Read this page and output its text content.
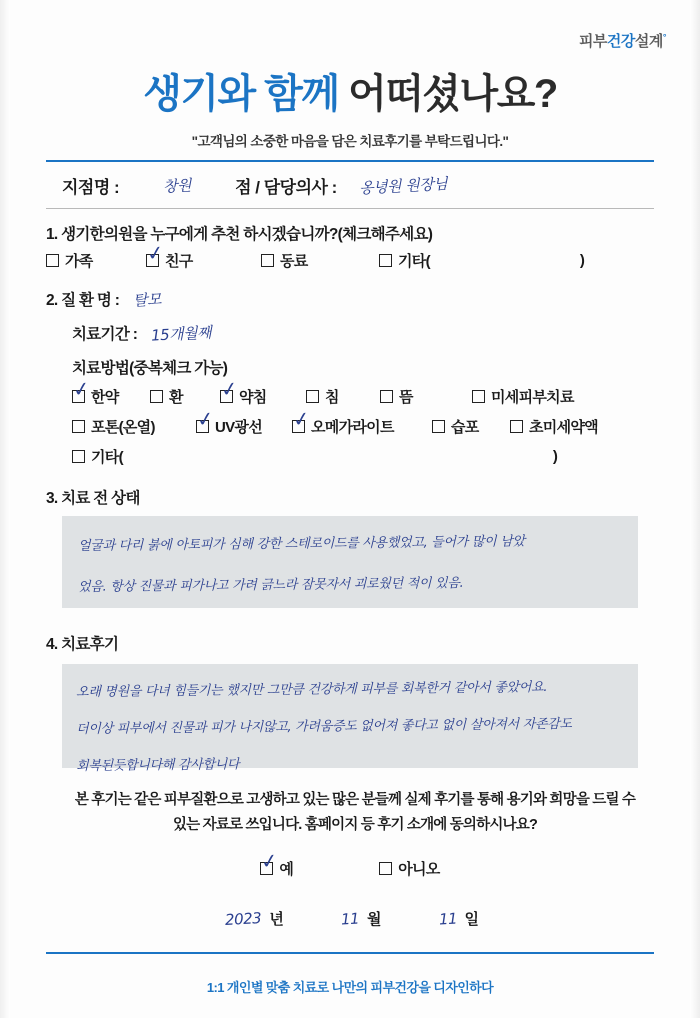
피부건강설계°
생기와 함께 어떠셨나요?
"고객님의 소중한 마음을 담은 치료후기를 부탁드립니다."
지점명 :	창원	점 / 담당의사 : 옹녕원 원장님
1. 생기한의원을 누구에게 추천 하시겠습니까?(체크해주세요)
가족	✓ 친구	동료	기타(	)
2. 질 환 명 : 탈모
치료기간 : 15개월째
치료방법(중복체크 가능)
✓ 한약	환 ✓ 약침	침	뜸	미세피부치료
포톤(온열) ✓ UV광선 ✓ 오메가라이트	습포	초미세약액
기타(	)
3. 치료 전 상태
얼굴과 다리 붉에 아토피가 심해 강한 스테로이드를 사용했었고, 들어가 많이 남았
었음. 항상 진물과 피가나고 가려 긁느라 잠못자서 괴로웠던 적이 있음.
4. 치료후기
오래 명원을 다녀 힘들기는 했지만 그만큼 건강하게 피부를 회복한거 같아서 좋았어요.
더이상 피부에서 진물과 피가 나지않고, 가려움증도 없어져 좋다고 없이 살아져서 자존감도
회복된듯합니다해 감사합니다
본 후기는 같은 피부질환으로 고생하고 있는 많은 분들께 실제 후기를 통해 용기와 희망을 드릴 수 있는 자료로 쓰입니다. 홈페이지 등 후기 소개에 동의하시나요?
✓ 예	아니오
2023 년	11 월	11 일
1:1 개인별 맞춤 치료로 나만의 피부건강을 디자인하다
